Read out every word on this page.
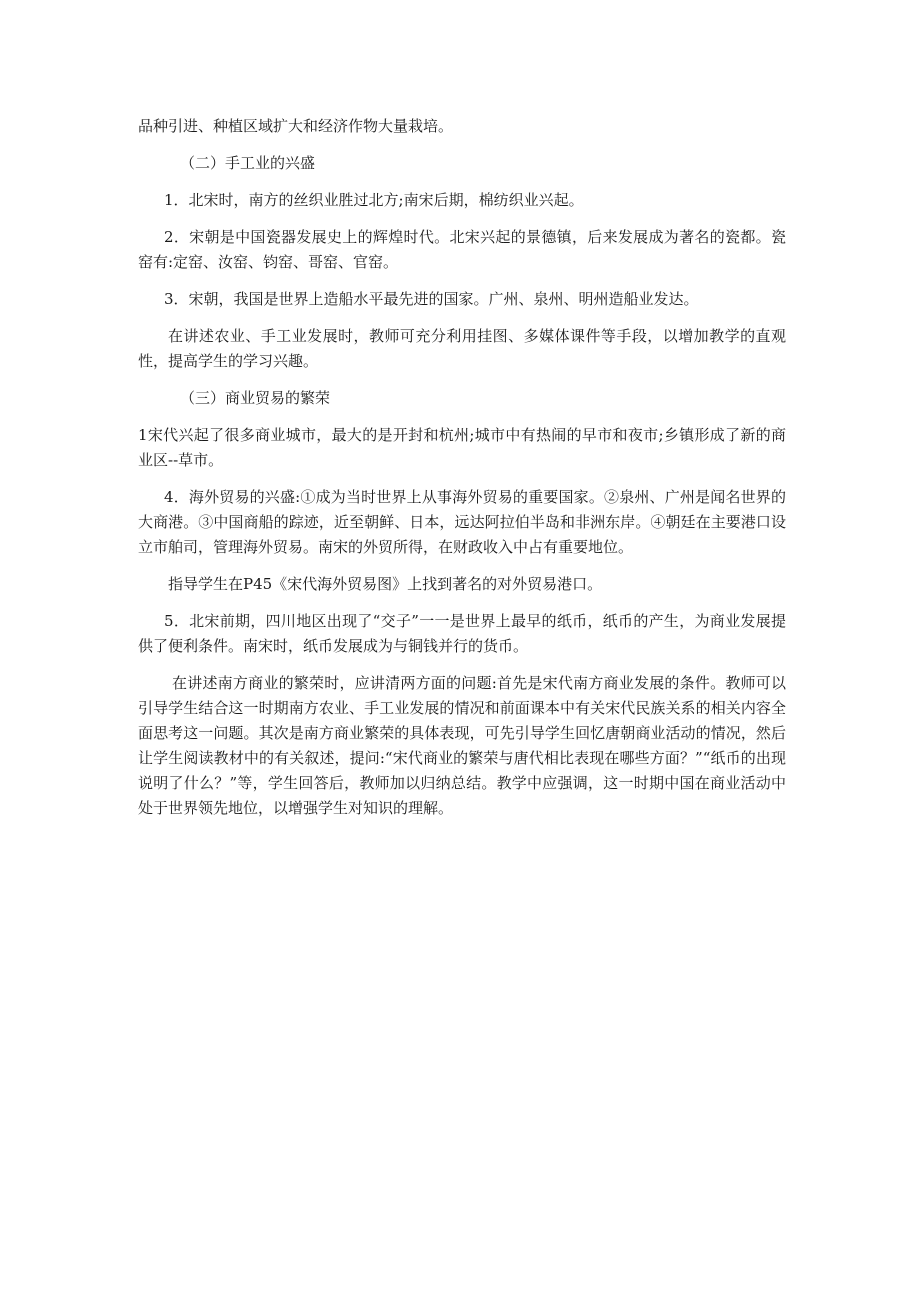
品种引进、种植区域扩大和经济作物大量栽培。

（二）手工业的兴盛

1．北宋时，南方的丝织业胜过北方;南宋后期，棉纺织业兴起。

2．宋朝是中国瓷器发展史上的辉煌时代。北宋兴起的景德镇，后来发展成为著名的瓷都。瓷窑有:定窑、汝窑、钧窑、哥窑、官窑。

3．宋朝，我国是世界上造船水平最先进的国家。广州、泉州、明州造船业发达。

在讲述农业、手工业发展时，教师可充分利用挂图、多媒体课件等手段，以增加教学的直观性，提高学生的学习兴趣。

（三）商业贸易的繁荣

1宋代兴起了很多商业城市，最大的是开封和杭州;城市中有热闹的早市和夜市;乡镇形成了新的商业区--草市。

4．海外贸易的兴盛:①成为当时世界上从事海外贸易的重要国家。②泉州、广州是闻名世界的大商港。③中国商船的踪迹，近至朝鲜、日本，远达阿拉伯半岛和非洲东岸。④朝廷在主要港口设立市舶司，管理海外贸易。南宋的外贸所得，在财政收入中占有重要地位。

指导学生在P45《宋代海外贸易图》上找到著名的对外贸易港口。

5．北宋前期，四川地区出现了“交子”一一是世界上最早的纸币，纸币的产生，为商业发展提供了便利条件。南宋时，纸币发展成为与铜钱并行的货币。

在讲述南方商业的繁荣时，应讲清两方面的问题:首先是宋代南方商业发展的条件。教师可以引导学生结合这一时期南方农业、手工业发展的情况和前面课本中有关宋代民族关系的相关内容全面思考这一问题。其次是南方商业繁荣的具体表现，可先引导学生回忆唐朝商业活动的情况，然后让学生阅读教材中的有关叙述，提问:“宋代商业的繁荣与唐代相比表现在哪些方面？”“纸币的出现说明了什么？”等，学生回答后，教师加以归纳总结。教学中应强调，这一时期中国在商业活动中处于世界领先地位，以增强学生对知识的理解。
